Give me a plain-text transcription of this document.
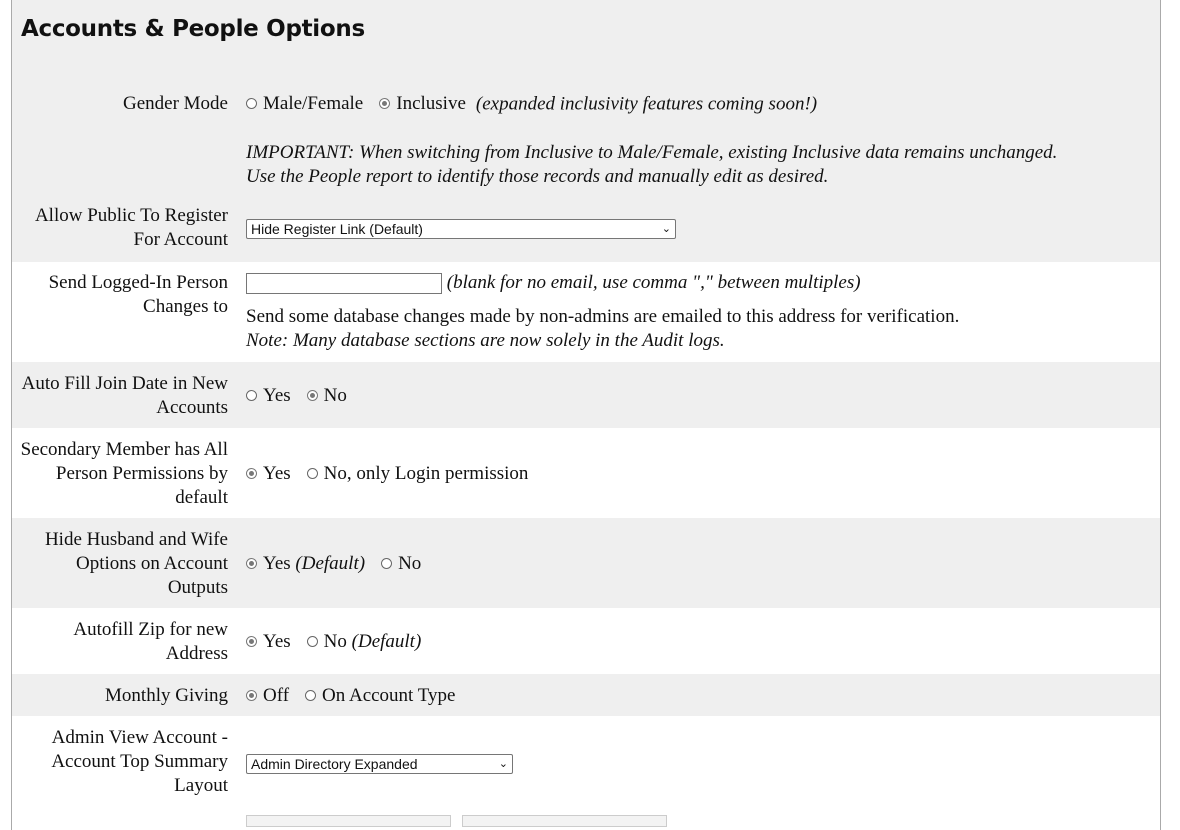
Accounts & People Options
Gender Mode Male/Female Inclusive (expanded inclusivity features coming soon!)
IMPORTANT: When switching from Inclusive to Male/Female, existing Inclusive data remains unchanged. Use the People report to identify those records and manually edit as desired.
Allow Public To Register For Account Hide Register Link (Default)	⌄
Send Logged-In Person Changes to
(blank for no email, use comma "," between multiples)
Send some database changes made by non-admins are emailed to this address for verification.
Note: Many database sections are now solely in the Audit logs.
Auto Fill Join Date in New Accounts
Yes No
Secondary Member has All Person Permissions by default
Yes No, only Login permission
Hide Husband and Wife Options on Account Outputs
Yes
(Default) No
Autofill Zip for new Address
Yes No
(Default)
Monthly Giving Off On Account Type
Admin View Account - Account Top Summary Layout
Admin Directory Expanded	⌄
